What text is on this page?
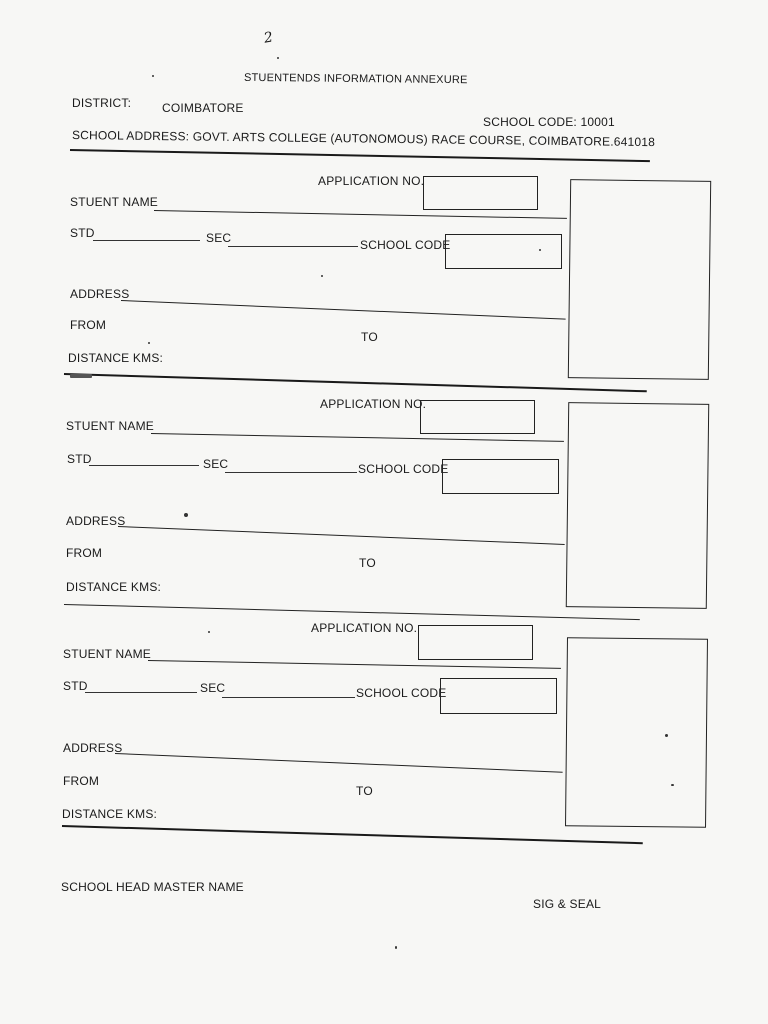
2
STUENTENDS INFORMATION ANNEXURE
DISTRICT:	COIMBATORE
SCHOOL CODE: 10001
SCHOOL ADDRESS: GOVT. ARTS COLLEGE (AUTONOMOUS) RACE COURSE, COIMBATORE.641018
APPLICATION NO.
STUENT NAME
STD	SEC	SCHOOL CODE
ADDRESS
FROM
TO
DISTANCE KMS:
APPLICATION NO.
STUENT NAME
STD	SEC	SCHOOL CODE
ADDRESS
FROM
TO
DISTANCE KMS:
APPLICATION NO.
STUENT NAME
STD	SEC	SCHOOL CODE
ADDRESS
FROM
TO
DISTANCE KMS:
SCHOOL HEAD MASTER NAME
SIG & SEAL
